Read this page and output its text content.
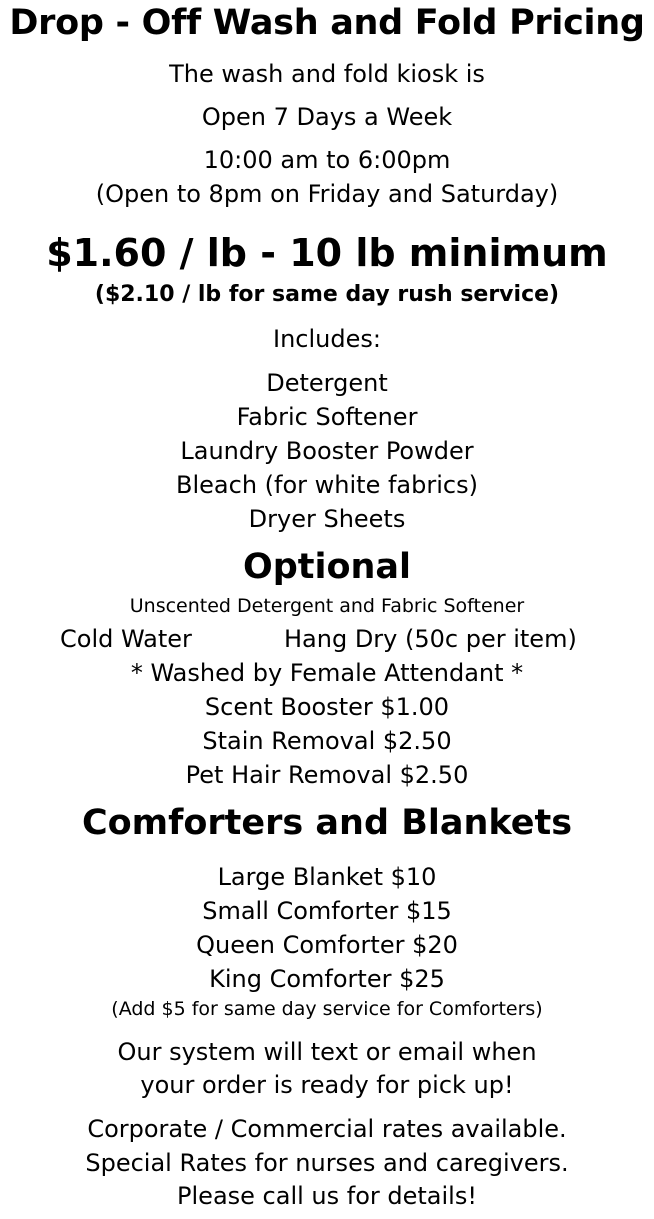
Drop - Off Wash and Fold Pricing
The wash and fold kiosk is
Open 7 Days a Week
10:00 am to 6:00pm
(Open to 8pm on Friday and Saturday)
$1.60 / lb - 10 lb minimum
($2.10 / lb for same day rush service)
Includes:
Detergent
Fabric Softener
Laundry Booster Powder
Bleach (for white fabrics)
Dryer Sheets
Optional
Unscented Detergent and Fabric Softener
Cold Water	Hang Dry (50c per item)
* Washed by Female Attendant *
Scent Booster $1.00
Stain Removal $2.50
Pet Hair Removal $2.50
Comforters and Blankets
Large Blanket $10
Small Comforter $15
Queen Comforter $20
King Comforter $25
(Add $5 for same day service for Comforters)
Our system will text or email when
your order is ready for pick up!
Corporate / Commercial rates available.
Special Rates for nurses and caregivers.
Please call us for details!
